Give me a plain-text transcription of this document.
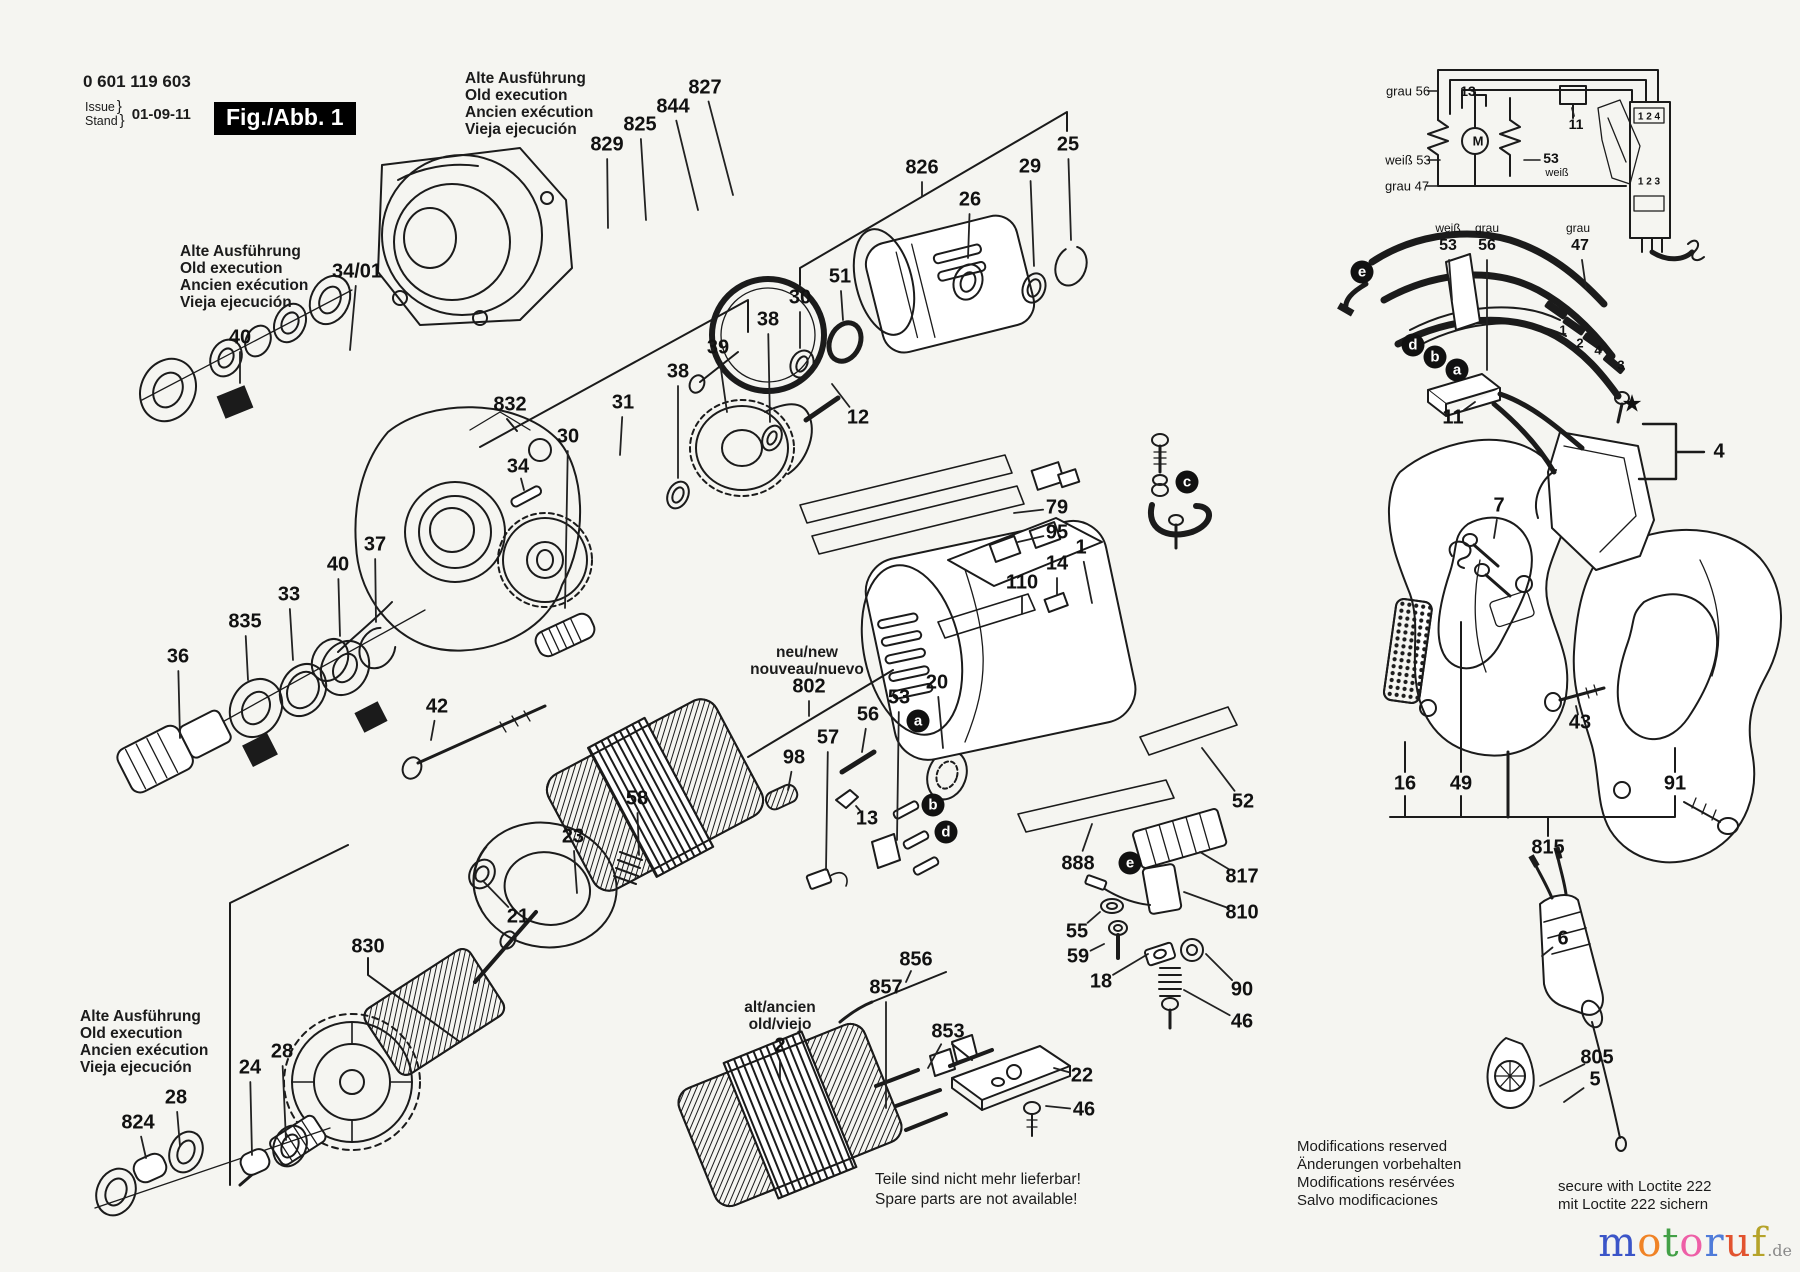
0 601 119 603
Issue }
Stand } 01-09-11	Fig./Abb. 1
motoruf.de
829
825
844
827
826
26
29
25
51
30
38
39
38
31
34
832
30
12
34/01
40
37
40
33
835
36
42
23
58
21
830
28
24
28
824
98
57
56
53
20
13
802
79
95
14
1
110
52
888
817
810
55
59
18	90
46
22
46
856
857
853
2
16 49	91
815
43
7
11
4
★
6
805
5
grau 56 13
11
weiß 53	53
weiß
grau 47
1 2 4
1 2 3
M
weiß
53
grau
56
grau
47
1
2 4
3
e
d
b
a
a
b
d
c
e
Alte Ausführung
Old execution
Ancien exécution
Vieja ejecución
Alte Ausführung
Old execution
Ancien exécution
Vieja ejecución
Alte Ausführung
Old execution
Ancien exécution
Vieja ejecución
neu/new
nouveau/nuevo
alt/ancien
old/viejo
Teile sind nicht mehr lieferbar!
Spare parts are not available!
Modifications reserved
Änderungen vorbehalten
Modifications resérvées
Salvo modificaciones
secure with Loctite 222
mit Loctite 222 sichern
